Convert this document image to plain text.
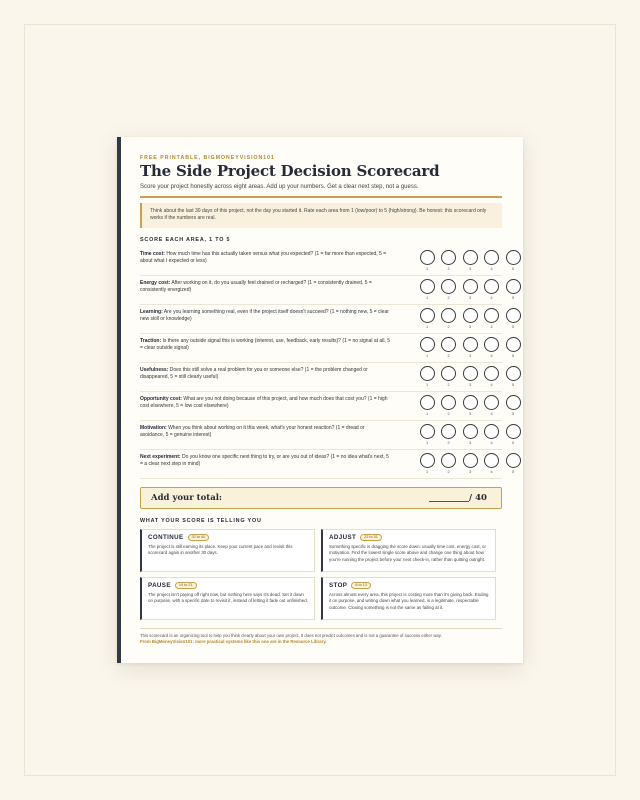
FREE PRINTABLE, BIGMONEYVISION101
The Side Project Decision Scorecard
Score your project honestly across eight areas. Add up your numbers. Get a clear next step, not a guess.
Think about the last 30 days of this project, not the day you started it. Rate each area from 1 (low/poor) to 5 (high/strong). Be honest: this scorecard only works if the numbers are real.
SCORE EACH AREA, 1 TO 5
Time cost: How much time has this actually taken versus what you expected? (1 = far more than expected, 5 = about what I expected or less)
1	2	3	4	5
Energy cost: After working on it, do you usually feel drained or recharged? (1 = consistently drained, 5 = consistently energized)
1	2	3	4	5
Learning: Are you learning something real, even if the project itself doesn't succeed? (1 = nothing new, 5 = clear new skill or knowledge)
1	2	3	4	5
Traction: Is there any outside signal this is working (interest, use, feedback, early results)? (1 = no signal at all, 5 = clear outside signal)
1	2	3	4	5
Usefulness: Does this still solve a real problem for you or someone else? (1 = the problem changed or disappeared, 5 = still clearly useful)
1	2	3	4	5
Opportunity cost: What are you not doing because of this project, and how much does that cost you? (1 = high cost elsewhere, 5 = low cost elsewhere)
1	2	3	4	5
Motivation: When you think about working on it this week, what's your honest reaction? (1 = dread or avoidance, 5 = genuine interest)
1	2	3	4	5
Next experiment: Do you know one specific next thing to try, or are you out of ideas? (1 = no idea what's next, 5 = a clear next step in mind)
1	2	3	4	5
Add your total:	/ 40
WHAT YOUR SCORE IS TELLING YOU
CONTINUE	32 to 40
The project is still earning its place. Keep your current pace and revisit this scorecard again in another 30 days.
ADJUST	22 to 31
Something specific is dragging the score down: usually time cost, energy cost, or motivation. Find the lowest single score above and change one thing about how you're running the project before your next check-in, rather than quitting outright.
PAUSE	14 to 21
The project isn't paying off right now, but nothing here says it's dead. Set it down on purpose, with a specific date to revisit it, instead of letting it fade out unfinished.
STOP	8 to 13
Across almost every area, this project is costing more than it's giving back. Ending it on purpose, and writing down what you learned, is a legitimate, respectable outcome. Closing something is not the same as failing at it.
This scorecard is an organizing tool to help you think clearly about your own project. It does not predict outcomes and is not a guarantee of success either way.
From BigMoneyVision101: more practical systems like this one are in the Resource Library.
